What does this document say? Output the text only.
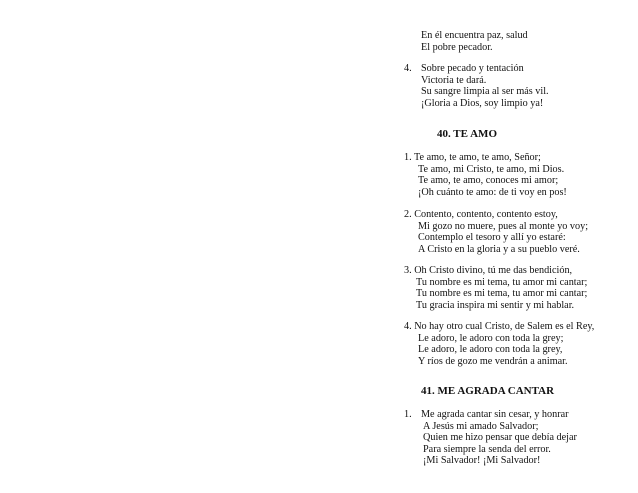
En él encuentra paz, salud
El pobre pecador.
4. Sobre pecado y tentación
Victoria te dará.
Su sangre limpia al ser más vil.
¡Gloria a Dios, soy limpio ya!
40. TE AMO
1. Te amo, te amo, te amo, Señor;
Te amo, mi Cristo, te amo, mi Dios.
Te amo, te amo, conoces mi amor;
¡Oh cuánto te amo: de ti voy en pos!
2. Contento, contento, contento estoy,
Mi gozo no muere, pues al monte yo voy;
Contemplo el tesoro y allí yo estaré:
A Cristo en la gloria y a su pueblo veré.
3. Oh Cristo divino, tú me das bendición,
Tu nombre es mi tema, tu amor mi cantar;
Tu nombre es mi tema, tu amor mi cantar;
Tu gracia inspira mi sentir y mi hablar.
4. No hay otro cual Cristo, de Salem es el Rey,
Le adoro, le adoro con toda la grey;
Le adoro, le adoro con toda la grey,
Y ríos de gozo me vendrán a animar.
41. ME AGRADA CANTAR
1. Me agrada cantar sin cesar, y honrar
A Jesús mi amado Salvador;
Quien me hizo pensar que debía dejar
Para siempre la senda del error.
¡Mi Salvador! ¡Mi Salvador!
